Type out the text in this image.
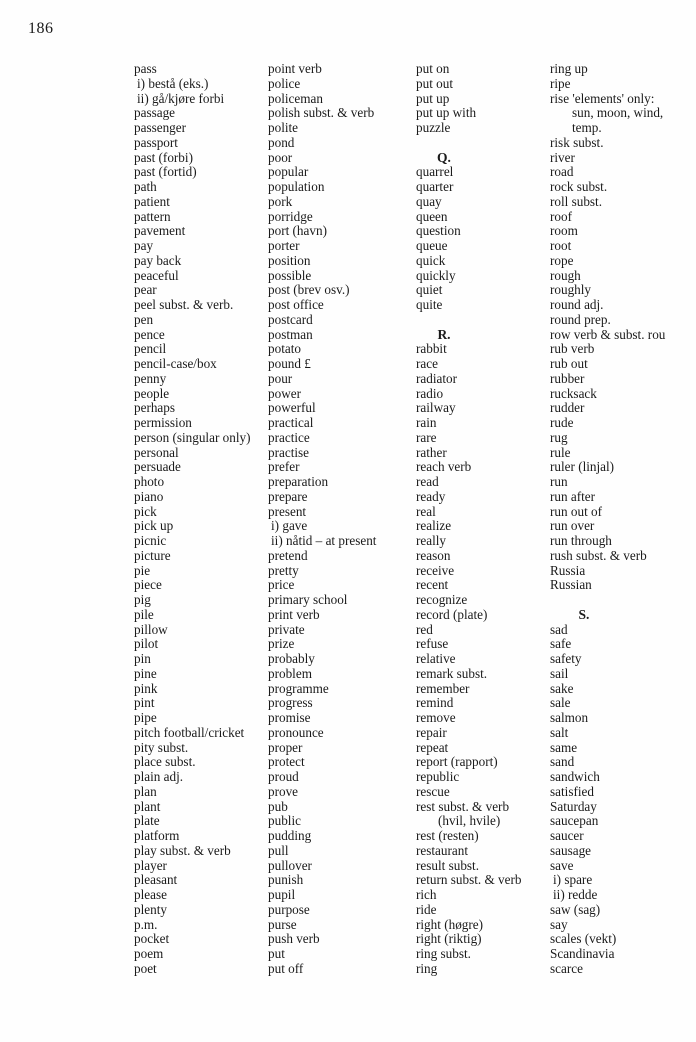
186
pass
i) bestå (eks.)
ii) gå/kjøre forbi
passage
passenger
passport
past (forbi)
past (fortid)
path
patient
pattern
pavement
pay
pay back
peaceful
pear
peel subst. & verb.
pen
pence
pencil
pencil-case/box
penny
people
perhaps
permission
person (singular only)
personal
persuade
photo
piano
pick
pick up
picnic
picture
pie
piece
pig
pile
pillow
pilot
pin
pine
pink
pint
pipe
pitch football/cricket
pity subst.
place subst.
plain adj.
plan
plant
plate
platform
play subst. & verb
player
pleasant
please
plenty
p.m.
pocket
poem
poet
point verb
police
policeman
polish subst. & verb
polite
pond
poor
popular
population
pork
porridge
port (havn)
porter
position
possible
post (brev osv.)
post office
postcard
postman
potato
pound £
pour
power
powerful
practical
practice
practise
prefer
preparation
prepare
present
i) gave
ii) nåtid – at present
pretend
pretty
price
primary school
print verb
private
prize
probably
problem
programme
progress
promise
pronounce
proper
protect
proud
prove
pub
public
pudding
pull
pullover
punish
pupil
purpose
purse
push verb
put
put off
put on
put out
put up
put up with
puzzle
Q.
quarrel
quarter
quay
queen
question
queue
quick
quickly
quiet
quite
R.
rabbit
race
radiator
radio
railway
rain
rare
rather
reach verb
read
ready
real
realize
really
reason
receive
recent
recognize
record (plate)
red
refuse
relative
remark subst.
remember
remind
remove
repair
repeat
report (rapport)
republic
rescue
rest subst. & verb
(hvil, hvile)
rest (resten)
restaurant
result subst.
return subst. & verb
rich
ride
right (høgre)
right (riktig)
ring subst.
ring
ring up
ripe
rise 'elements' only:
sun, moon, wind,
temp.
risk subst.
river
road
rock subst.
roll subst.
roof
room
root
rope
rough
roughly
round adj.
round prep.
row verb & subst. rou
rub verb
rub out
rubber
rucksack
rudder
rude
rug
rule
ruler (linjal)
run
run after
run out of
run over
run through
rush subst. & verb
Russia
Russian
S.
sad
safe
safety
sail
sake
sale
salmon
salt
same
sand
sandwich
satisfied
Saturday
saucepan
saucer
sausage
save
i) spare
ii) redde
saw (sag)
say
scales (vekt)
Scandinavia
scarce
